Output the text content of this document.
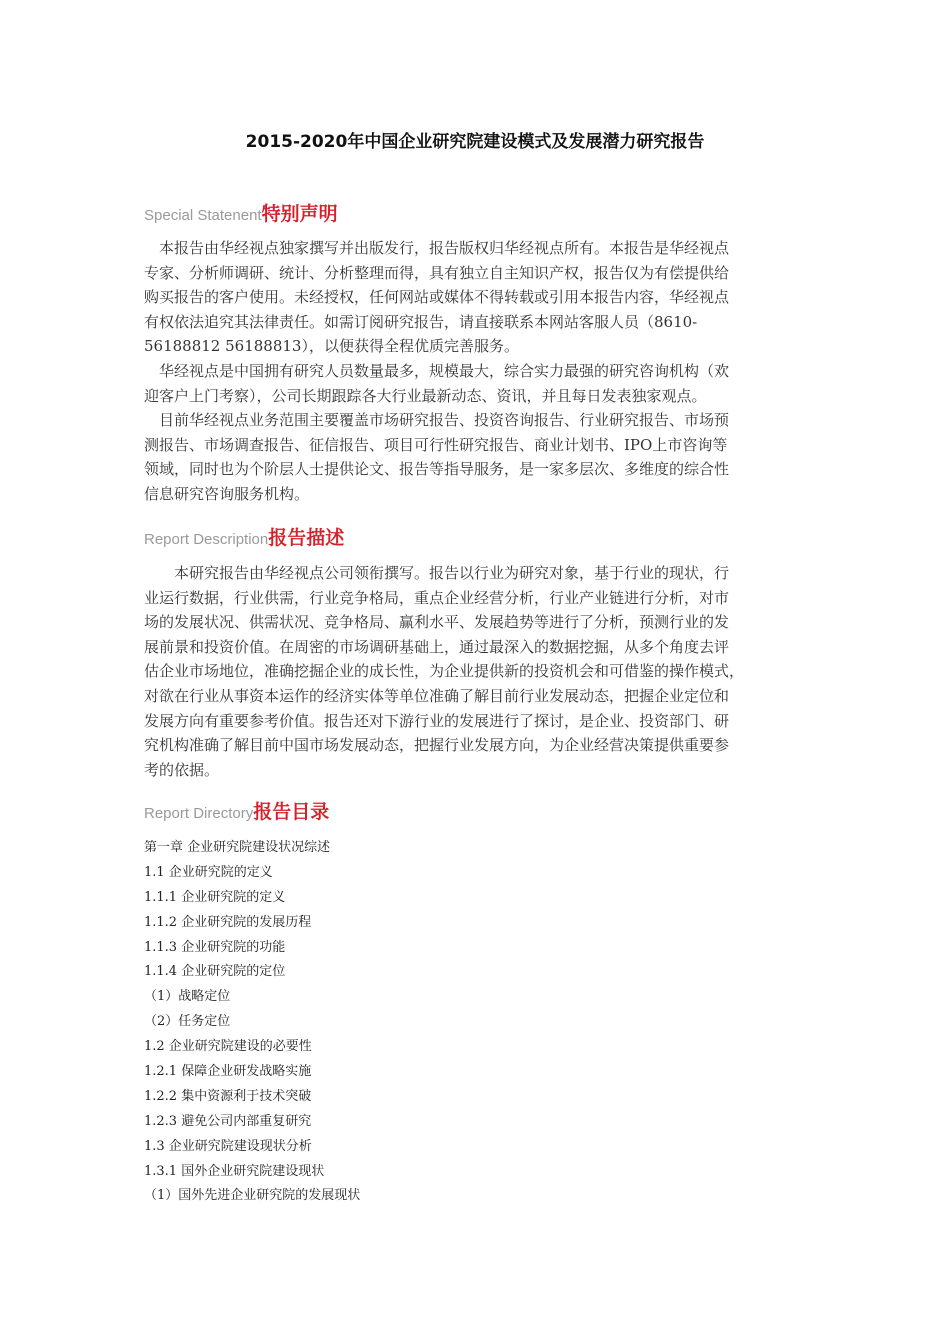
2015-2020年中国企业研究院建设模式及发展潜力研究报告
Special Statenent特别声明
　本报告由华经视点独家撰写并出版发行，报告版权归华经视点所有。本报告是华经视点
专家、分析师调研、统计、分析整理而得，具有独立自主知识产权，报告仅为有偿提供给
购买报告的客户使用。未经授权，任何网站或媒体不得转载或引用本报告内容，华经视点
有权依法追究其法律责任。如需订阅研究报告，请直接联系本网站客服人员（8610-
56188812 56188813），以便获得全程优质完善服务。
　华经视点是中国拥有研究人员数量最多，规模最大，综合实力最强的研究咨询机构（欢
迎客户上门考察），公司长期跟踪各大行业最新动态、资讯，并且每日发表独家观点。
　目前华经视点业务范围主要覆盖市场研究报告、投资咨询报告、行业研究报告、市场预
测报告、市场调查报告、征信报告、项目可行性研究报告、商业计划书、IPO上市咨询等
领域，同时也为个阶层人士提供论文、报告等指导服务，是一家多层次、多维度的综合性
信息研究咨询服务机构。
Report Description报告描述
　　本研究报告由华经视点公司领衔撰写。报告以行业为研究对象，基于行业的现状，行
业运行数据，行业供需，行业竞争格局，重点企业经营分析，行业产业链进行分析，对市
场的发展状况、供需状况、竞争格局、赢利水平、发展趋势等进行了分析，预测行业的发
展前景和投资价值。在周密的市场调研基础上，通过最深入的数据挖掘，从多个角度去评
估企业市场地位，准确挖掘企业的成长性，为企业提供新的投资机会和可借鉴的操作模式，
对欲在行业从事资本运作的经济实体等单位准确了解目前行业发展动态，把握企业定位和
发展方向有重要参考价值。报告还对下游行业的发展进行了探讨，是企业、投资部门、研
究机构准确了解目前中国市场发展动态，把握行业发展方向，为企业经营决策提供重要参
考的依据。
Report Directory报告目录
第一章 企业研究院建设状况综述
1.1 企业研究院的定义
1.1.1 企业研究院的定义
1.1.2 企业研究院的发展历程
1.1.3 企业研究院的功能
1.1.4 企业研究院的定位
（1）战略定位
（2）任务定位
1.2 企业研究院建设的必要性
1.2.1 保障企业研发战略实施
1.2.2 集中资源利于技术突破
1.2.3 避免公司内部重复研究
1.3 企业研究院建设现状分析
1.3.1 国外企业研究院建设现状
（1）国外先进企业研究院的发展现状
